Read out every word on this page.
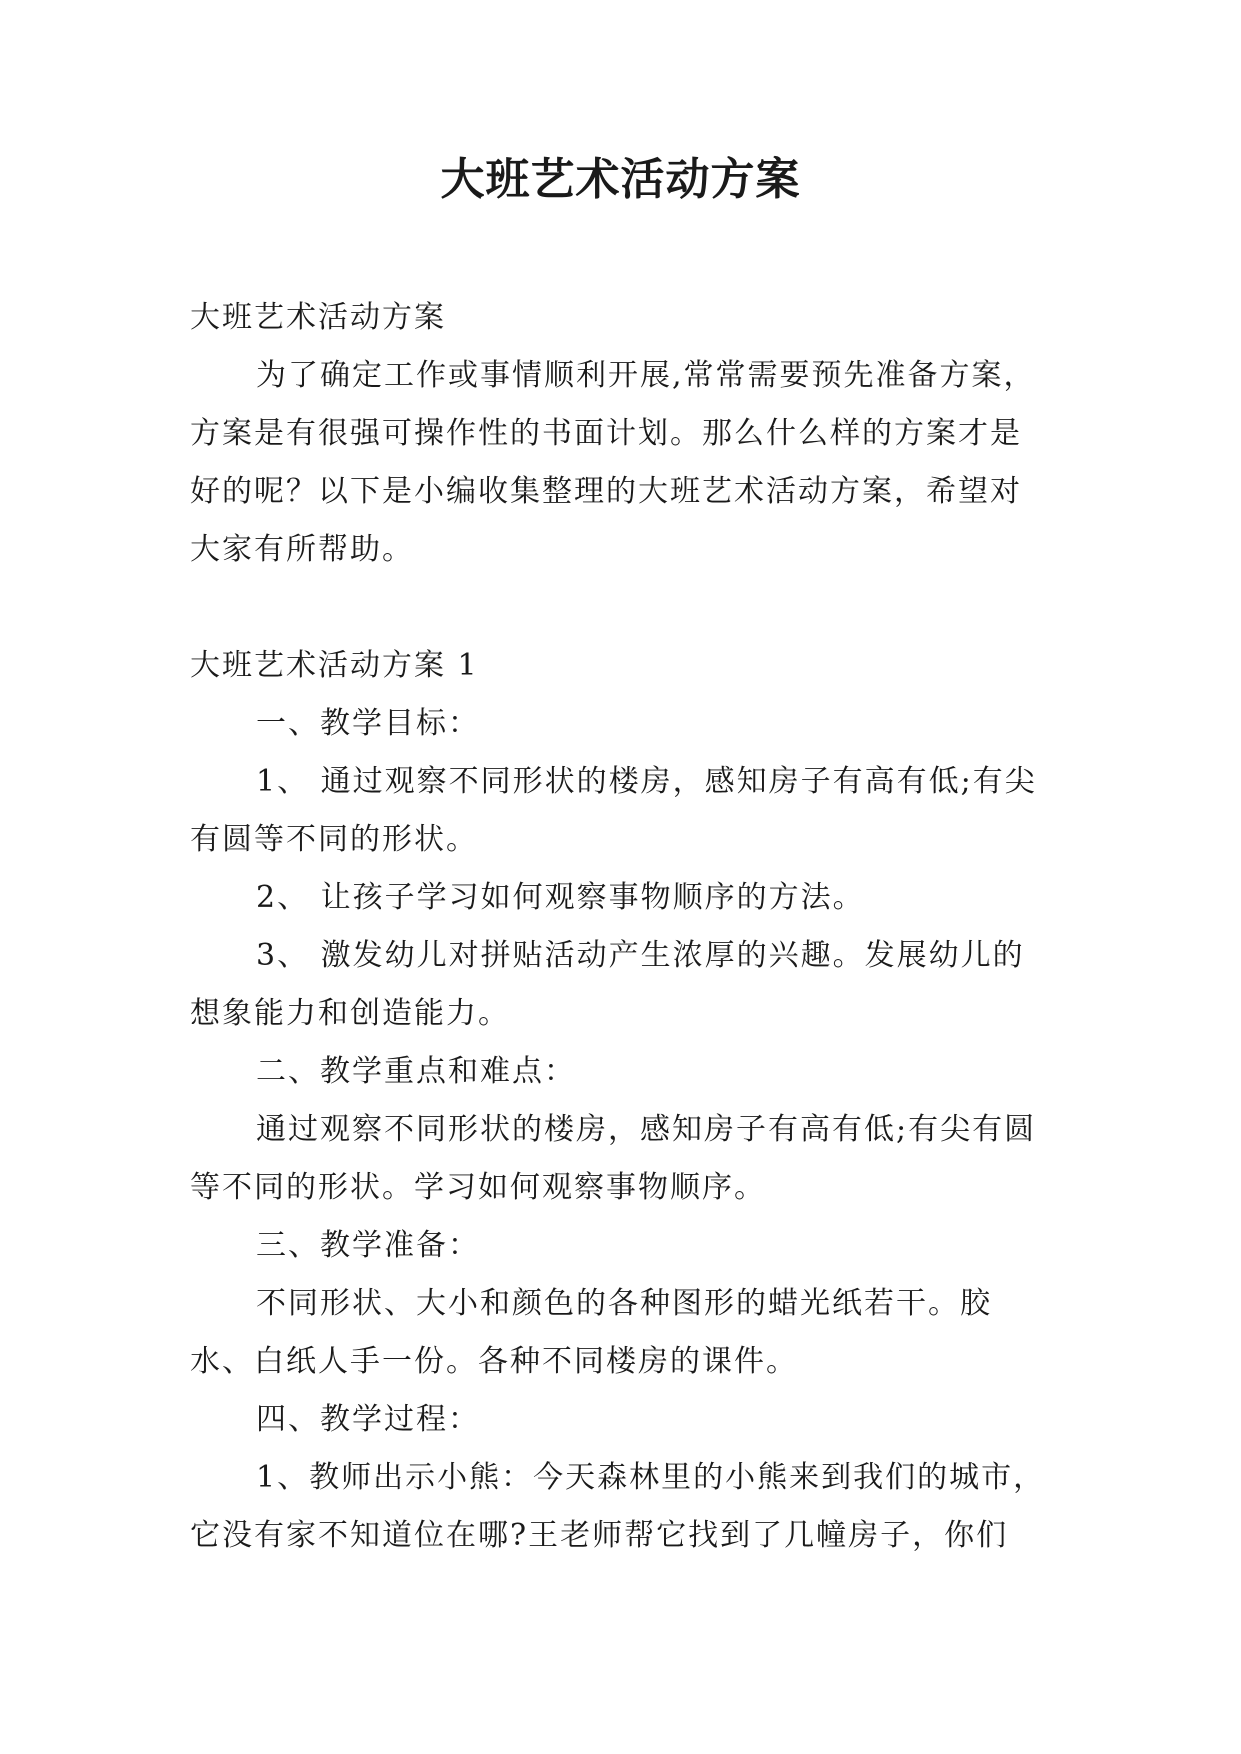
大班艺术活动方案

大班艺术活动方案

为了确定工作或事情顺利开展,常常需要预先准备方案，方案是有很强可操作性的书面计划。那么什么样的方案才是好的呢？以下是小编收集整理的大班艺术活动方案，希望对大家有所帮助。

大班艺术活动方案 1

一、教学目标：

1、 通过观察不同形状的楼房，感知房子有高有低;有尖有圆等不同的形状。

2、 让孩子学习如何观察事物顺序的方法。

3、 激发幼儿对拼贴活动产生浓厚的兴趣。发展幼儿的想象能力和创造能力。

二、教学重点和难点：

通过观察不同形状的楼房，感知房子有高有低;有尖有圆等不同的形状。学习如何观察事物顺序。

三、教学准备：

不同形状、大小和颜色的各种图形的蜡光纸若干。胶水、白纸人手一份。各种不同楼房的课件。

四、教学过程：

1、教师出示小熊：今天森林里的小熊来到我们的城市，它没有家不知道位在哪?王老师帮它找到了几幢房子，你们
